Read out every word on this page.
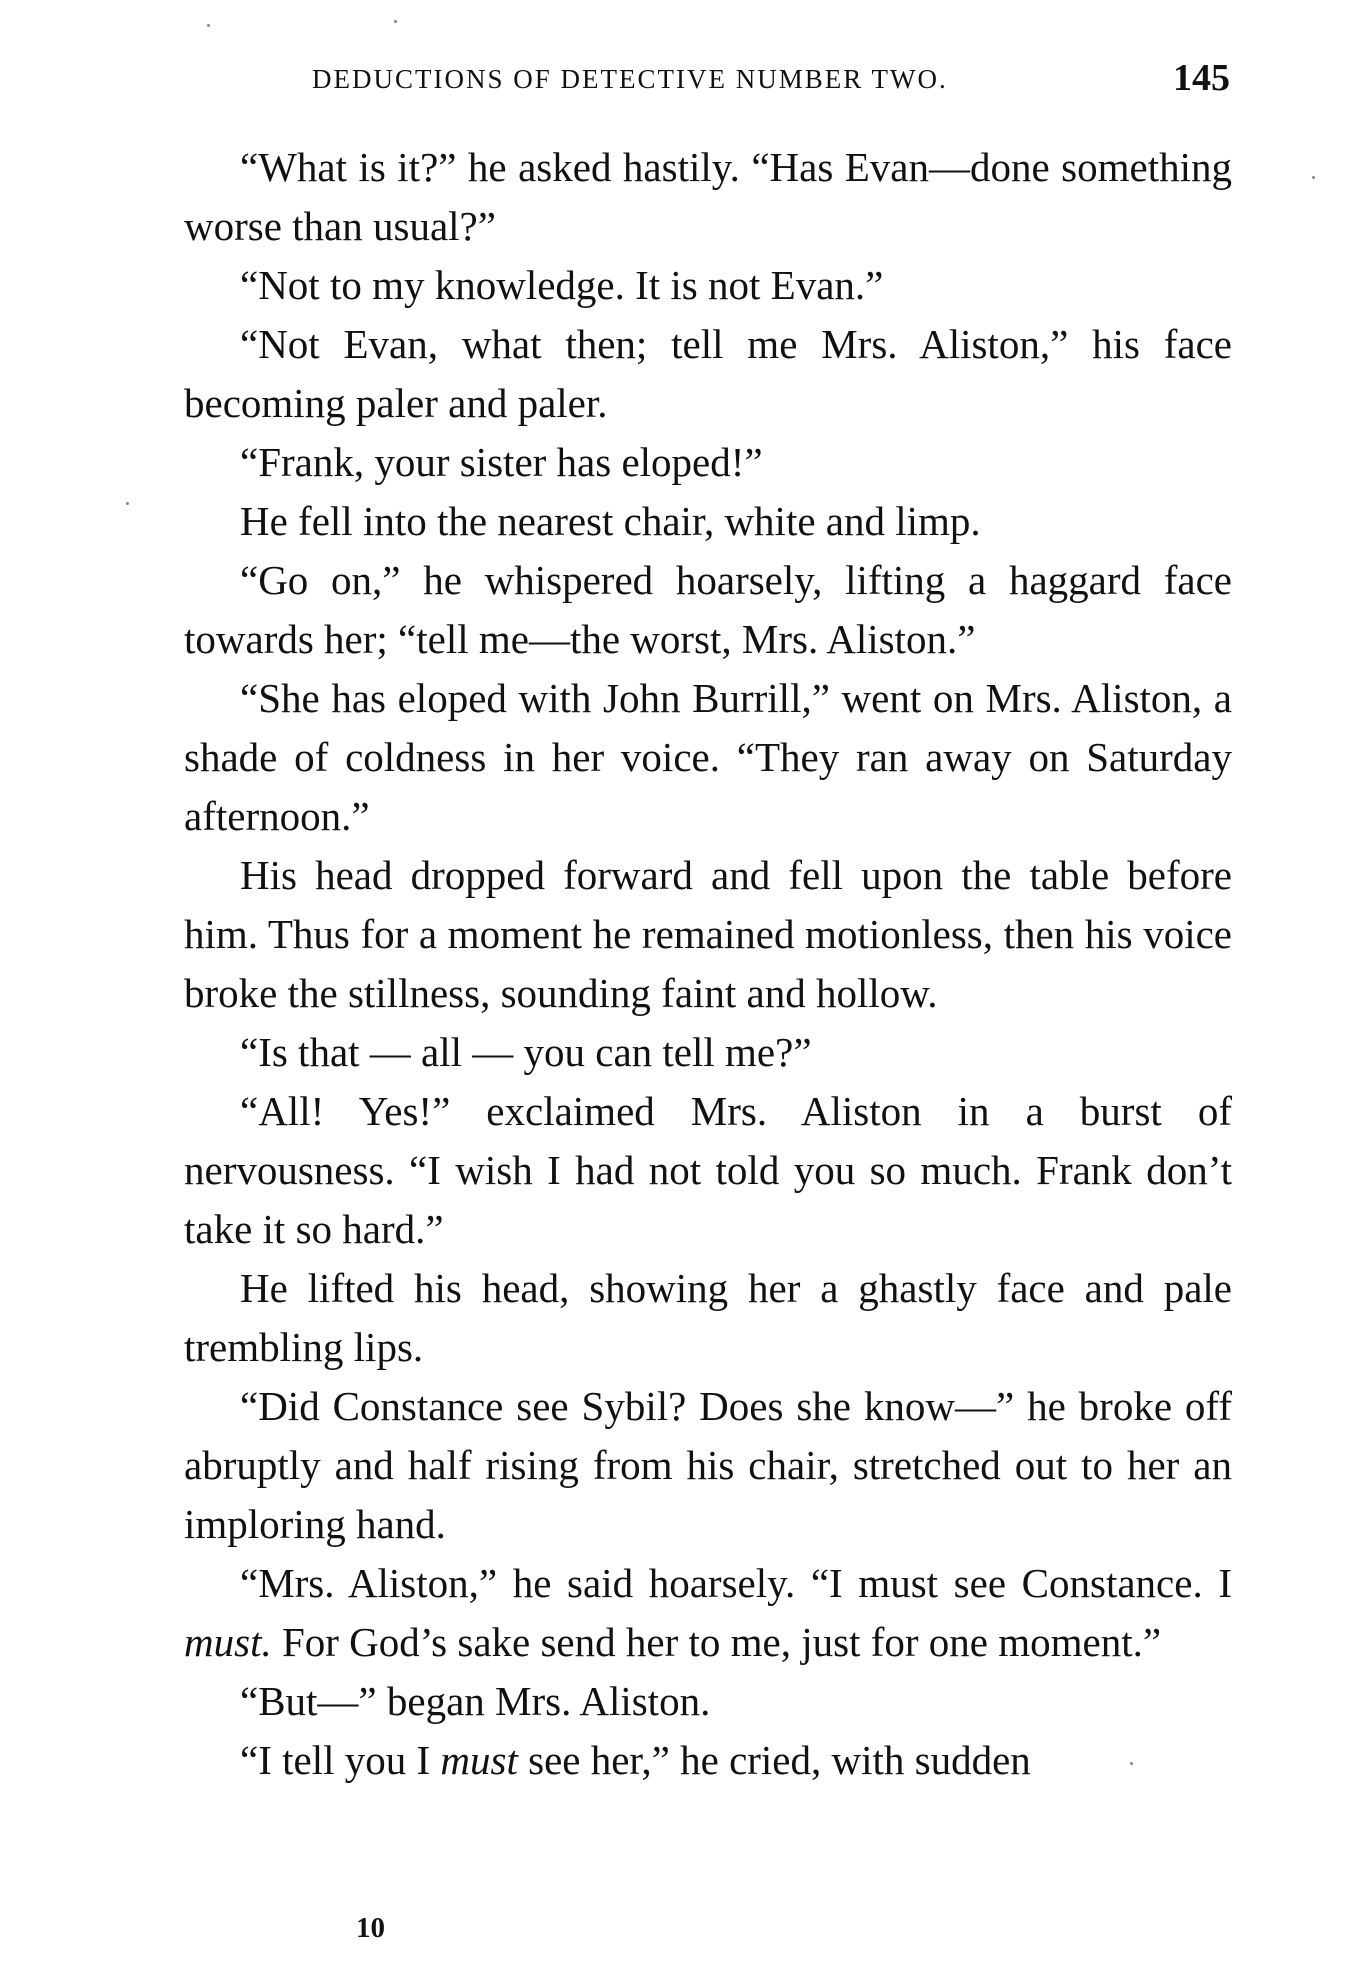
DEDUCTIONS OF DETECTIVE NUMBER TWO.	145

“What is it?” he asked hastily. “Has Evan—done something worse than usual?”

“Not to my knowledge. It is not Evan.”

“Not Evan, what then; tell me Mrs. Aliston,” his face becoming paler and paler.

“Frank, your sister has eloped!”

He fell into the nearest chair, white and limp.

“Go on,” he whispered hoarsely, lifting a haggard face towards her; “tell me—the worst, Mrs. Aliston.”

“She has eloped with John Burrill,” went on Mrs. Aliston, a shade of coldness in her voice. “They ran away on Saturday afternoon.”

His head dropped forward and fell upon the table before him. Thus for a moment he remained motionless, then his voice broke the stillness, sounding faint and hollow.

“Is that — all — you can tell me?”

“All! Yes!” exclaimed Mrs. Aliston in a burst of nervousness. “I wish I had not told you so much. Frank don’t take it so hard.”

He lifted his head, showing her a ghastly face and pale trembling lips.

“Did Constance see Sybil? Does she know—” he broke off abruptly and half rising from his chair, stretched out to her an imploring hand.

“Mrs. Aliston,” he said hoarsely. “I must see Constance. I must. For God’s sake send her to me, just for one moment.”

“But—” began Mrs. Aliston.

“I tell you I must see her,” he cried, with sudden

10
